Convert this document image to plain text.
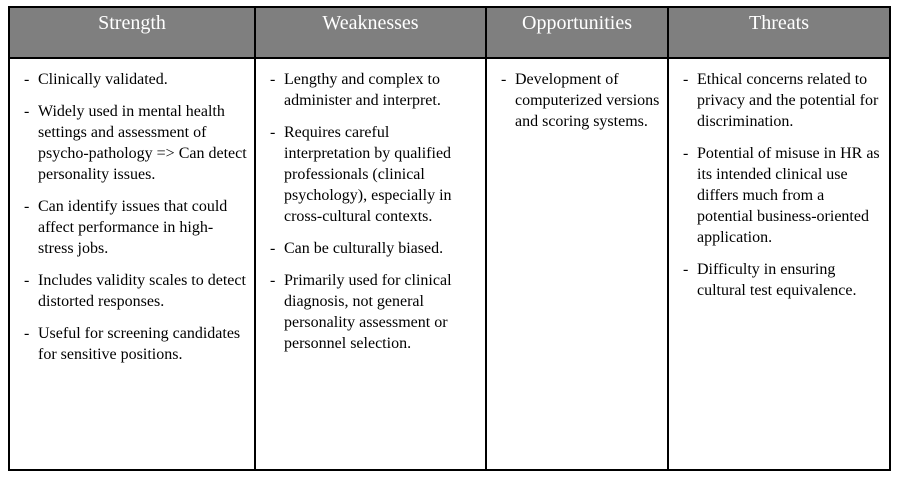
Strength
- Clinically validated.
- Widely used in mental health settings and assessment of psycho-pathology => Can detect personality issues.
- Can identify issues that could affect performance in high-stress jobs.
- Includes validity scales to detect distorted responses.
- Useful for screening candidates for sensitive positions.
Weaknesses
- Lengthy and complex to administer and interpret.
- Requires careful interpretation by qualified professionals (clinical psychology), especially in cross-cultural contexts.
- Can be culturally biased.
- Primarily used for clinical diagnosis, not general personality assessment or personnel selection.
Opportunities
- Development of computerized versions and scoring systems.
Threats
- Ethical concerns related to privacy and the potential for discrimination.
- Potential of misuse in HR as its intended clinical use differs much from a potential business-oriented application.
- Difficulty in ensuring cultural test equivalence.
